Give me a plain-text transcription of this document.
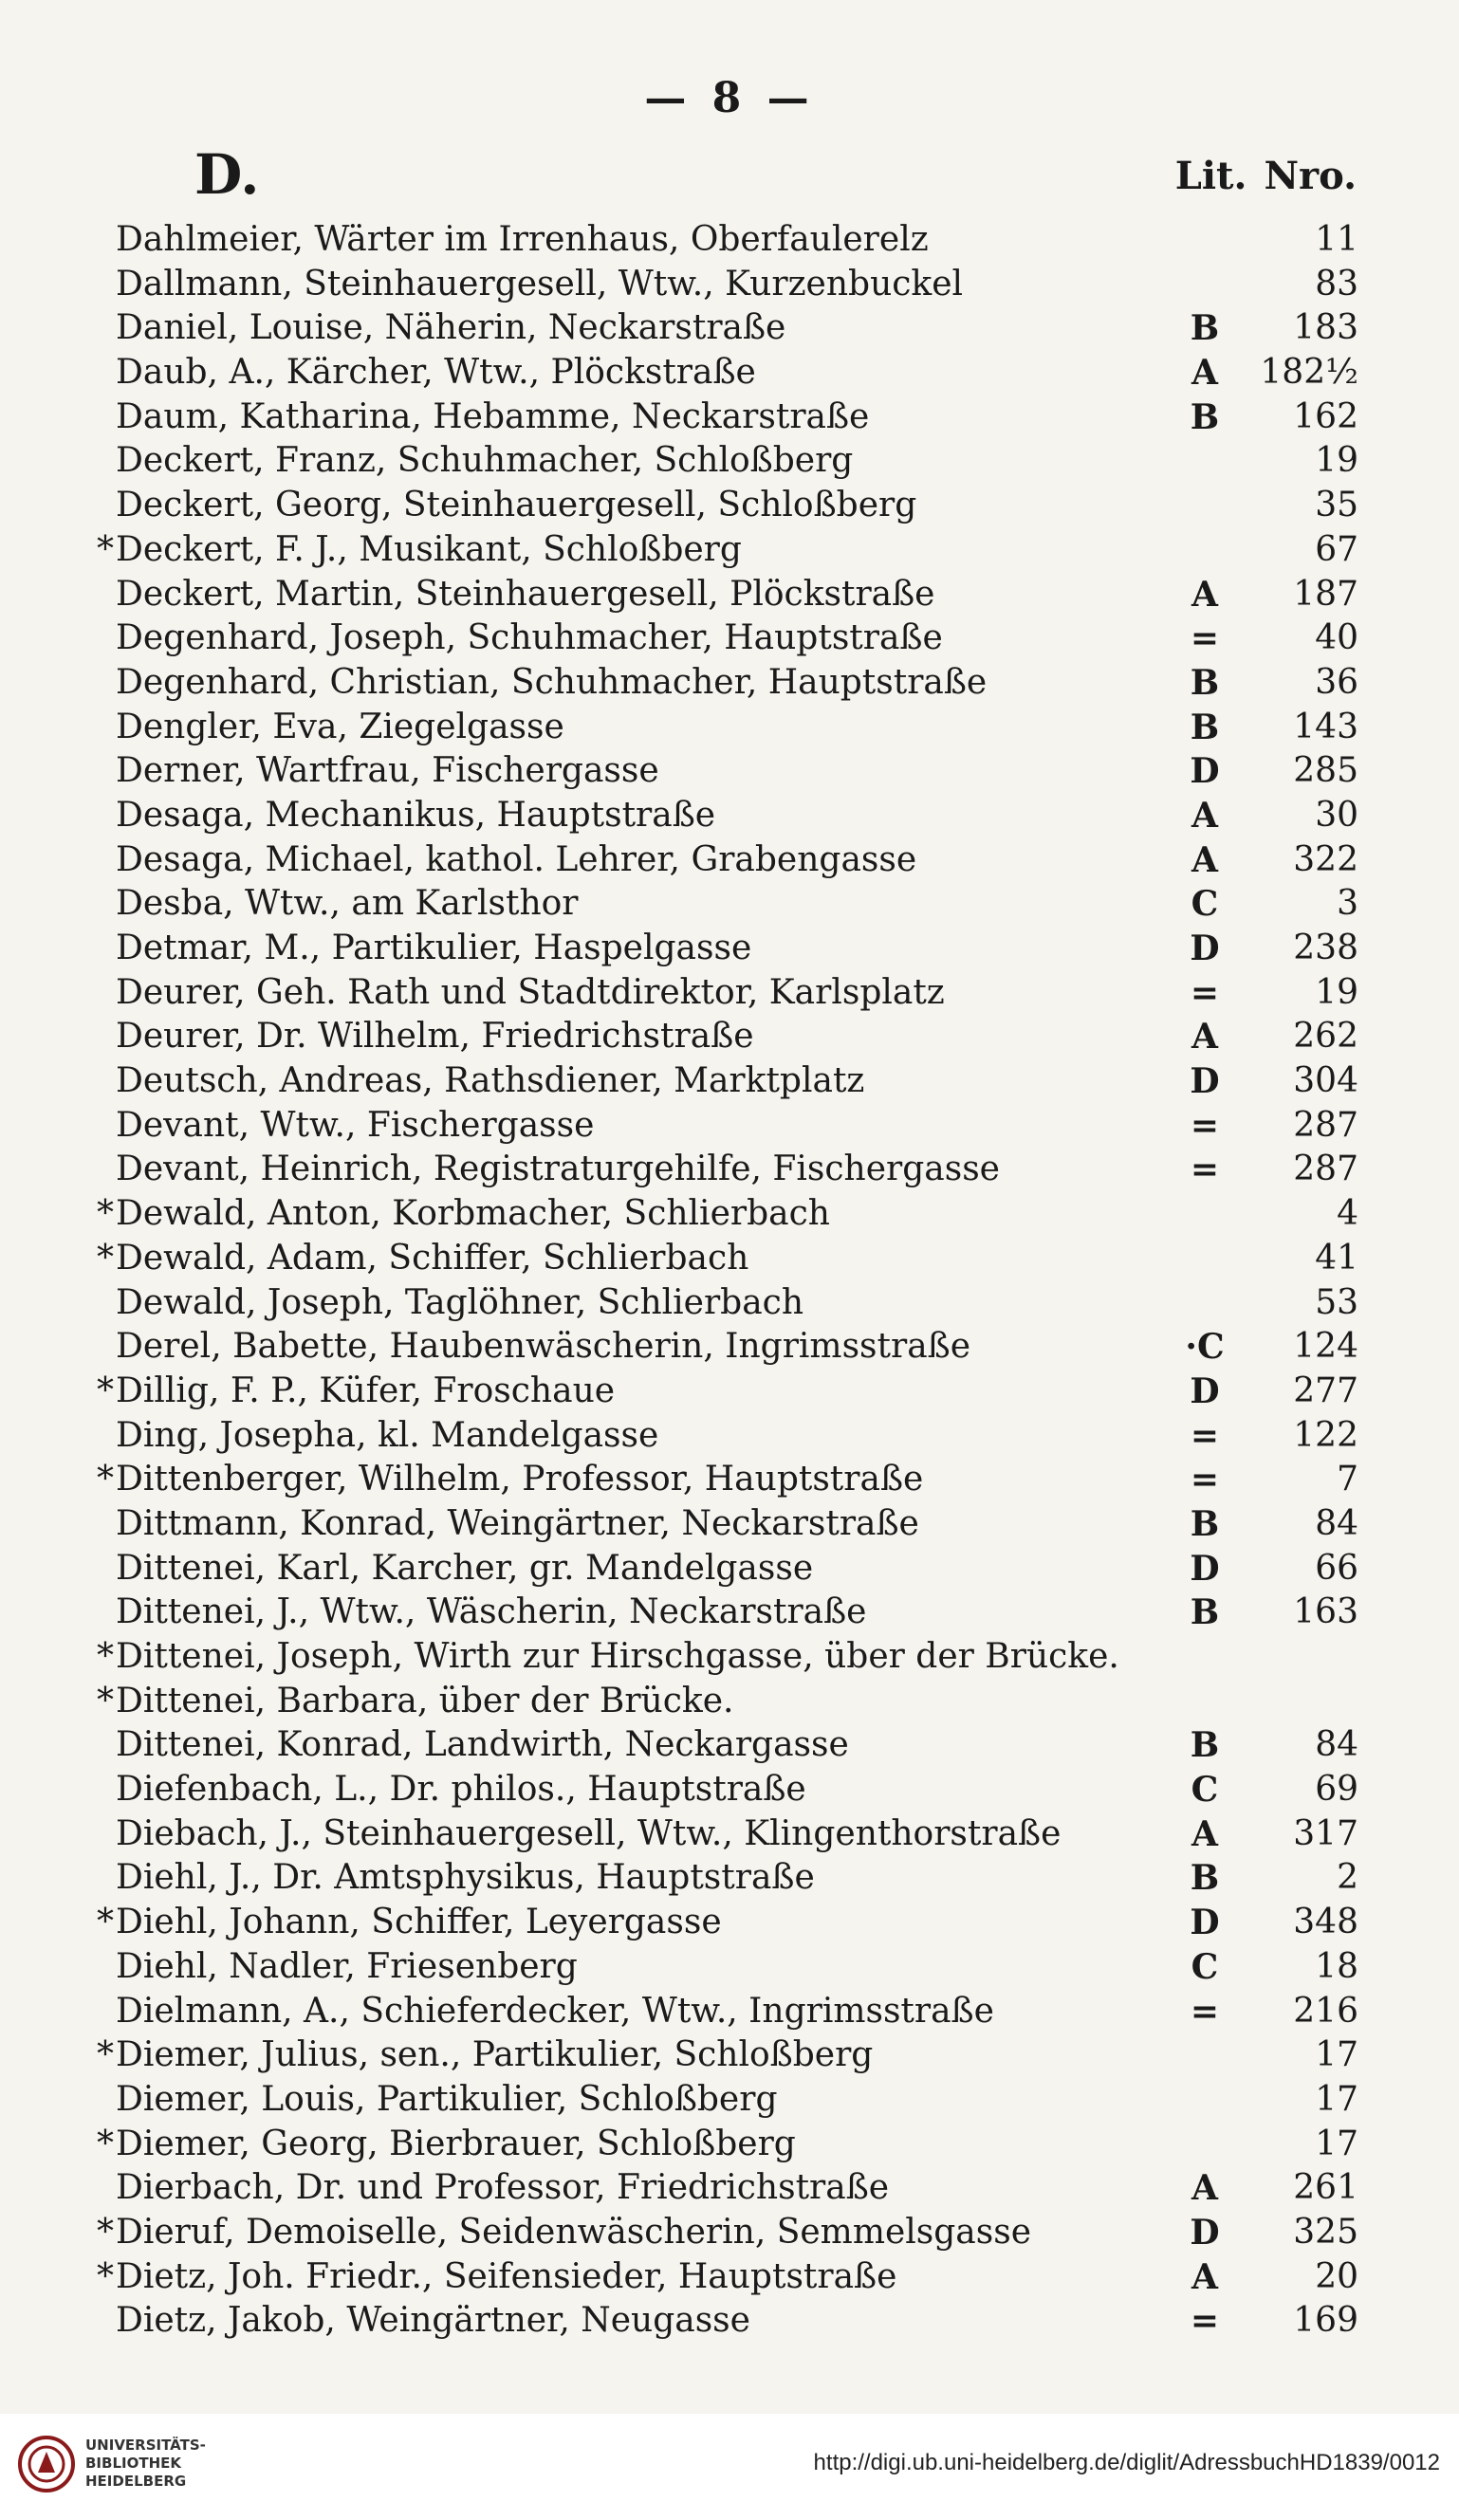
— 8 —
D.	Lit. Nro.
Dahlmeier, Wärter im Irrenhaus, Oberfaulerelz	11
Dallmann, Steinhauergesell, Wtw., Kurzenbuckel	83
Daniel, Louise, Näherin, Neckarstraße	B	183
Daub, A., Kärcher, Wtw., Plöckstraße	A	182½
Daum, Katharina, Hebamme, Neckarstraße	B	162
Deckert, Franz, Schuhmacher, Schloßberg	19
Deckert, Georg, Steinhauergesell, Schloßberg	35
* Deckert, F. J., Musikant, Schloßberg	67
Deckert, Martin, Steinhauergesell, Plöckstraße	A	187
Degenhard, Joseph, Schuhmacher, Hauptstraße	=	40
Degenhard, Christian, Schuhmacher, Hauptstraße	B	36
Dengler, Eva, Ziegelgasse	B	143
Derner, Wartfrau, Fischergasse	D	285
Desaga, Mechanikus, Hauptstraße	A	30
Desaga, Michael, kathol. Lehrer, Grabengasse	A	322
Desba, Wtw., am Karlsthor	C	3
Detmar, M., Partikulier, Haspelgasse	D	238
Deurer, Geh. Rath und Stadtdirektor, Karlsplatz	=	19
Deurer, Dr. Wilhelm, Friedrichstraße	A	262
Deutsch, Andreas, Rathsdiener, Marktplatz	D	304
Devant, Wtw., Fischergasse	=	287
Devant, Heinrich, Registraturgehilfe, Fischergasse	=	287
* Dewald, Anton, Korbmacher, Schlierbach	4
* Dewald, Adam, Schiffer, Schlierbach	41
Dewald, Joseph, Taglöhner, Schlierbach	53
Derel, Babette, Haubenwäscherin, Ingrimsstraße	·C	124
* Dillig, F. P., Küfer, Froschaue	D	277
Ding, Josepha, kl. Mandelgasse	=	122
* Dittenberger, Wilhelm, Professor, Hauptstraße	=	7
Dittmann, Konrad, Weingärtner, Neckarstraße	B	84
Dittenei, Karl, Karcher, gr. Mandelgasse	D	66
Dittenei, J., Wtw., Wäscherin, Neckarstraße	B	163
* Dittenei, Joseph, Wirth zur Hirschgasse, über der Brücke.
* Dittenei, Barbara, über der Brücke.
Dittenei, Konrad, Landwirth, Neckargasse	B	84
Diefenbach, L., Dr. philos., Hauptstraße	C	69
Diebach, J., Steinhauergesell, Wtw., Klingenthorstraße	A	317
Diehl, J., Dr. Amtsphysikus, Hauptstraße	B	2
* Diehl, Johann, Schiffer, Leyergasse	D	348
Diehl, Nadler, Friesenberg	C	18
Dielmann, A., Schieferdecker, Wtw., Ingrimsstraße	=	216
* Diemer, Julius, sen., Partikulier, Schloßberg	17
Diemer, Louis, Partikulier, Schloßberg	17
* Diemer, Georg, Bierbrauer, Schloßberg	17
Dierbach, Dr. und Professor, Friedrichstraße	A	261
* Dieruf, Demoiselle, Seidenwäscherin, Semmelsgasse	D	325
* Dietz, Joh. Friedr., Seifensieder, Hauptstraße	A	20
Dietz, Jakob, Weingärtner, Neugasse	=	169
UNIVERSITÄTS-
BIBLIOTHEK
HEIDELBERG
http://digi.ub.uni-heidelberg.de/diglit/AdressbuchHD1839/0012
